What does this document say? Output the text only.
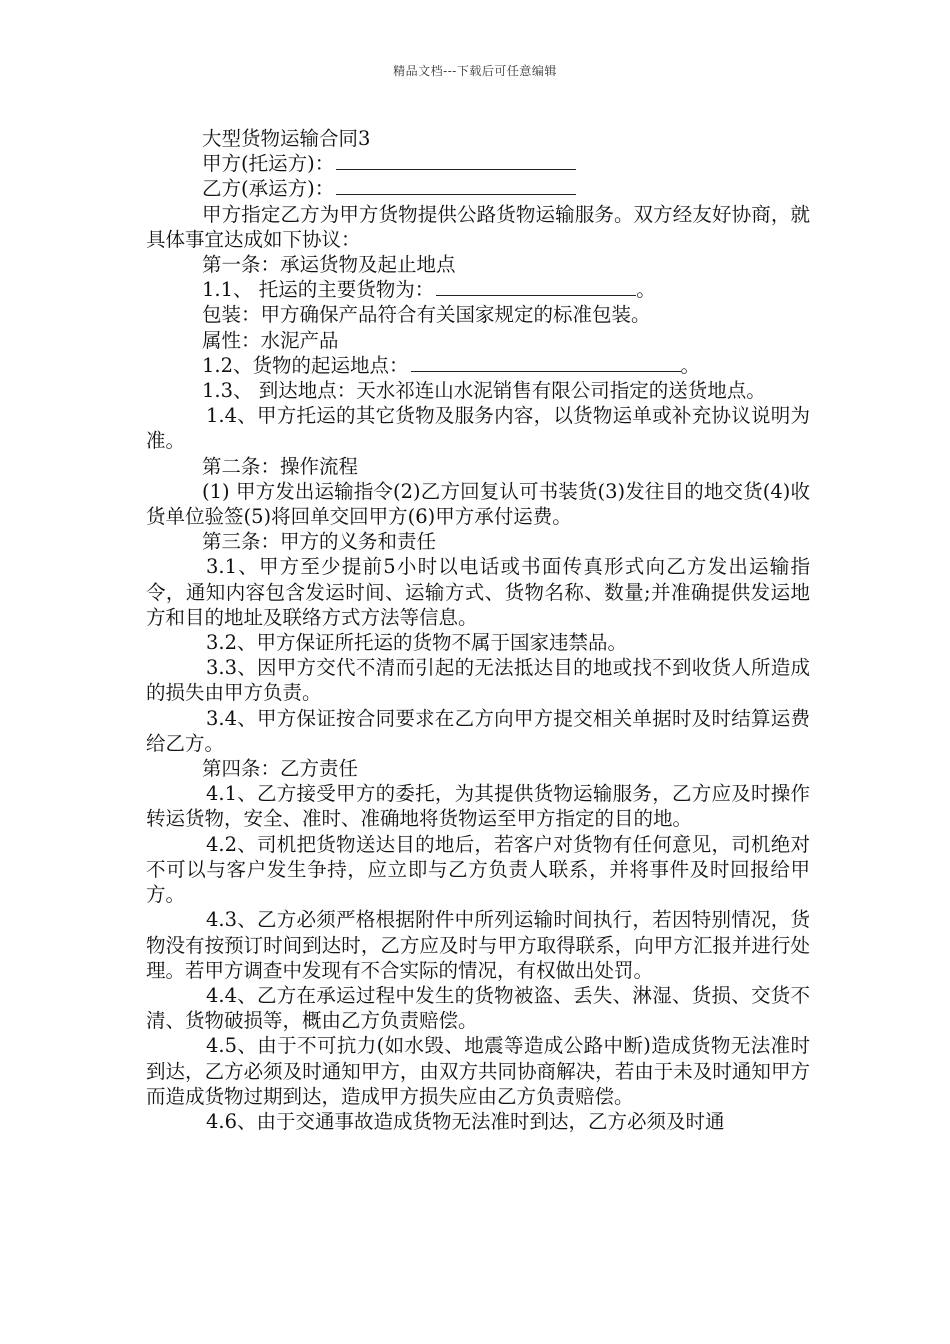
精品文档---下载后可任意编辑
大型货物运输合同3
甲方(托运方)：
乙方(承运方)：
甲方指定乙方为甲方货物提供公路货物运输服务。双方经友好协商，就具体事宜达成如下协议：
第一条：承运货物及起止地点
1.1、 托运的主要货物为：	。
包装：甲方确保产品符合有关国家规定的标准包装。
属性：水泥产品
1.2、货物的起运地点：	。
1.3、 到达地点：天水祁连山水泥销售有限公司指定的送货地点。
1.4、甲方托运的其它货物及服务内容，以货物运单或补充协议说明为准。
第二条：操作流程
(1) 甲方发出运输指令(2)乙方回复认可书装货(3)发往目的地交货(4)收货单位验签(5)将回单交回甲方(6)甲方承付运费。
第三条：甲方的义务和责任
3.1、甲方至少提前5小时以电话或书面传真形式向乙方发出运输指令，通知内容包含发运时间、运输方式、货物名称、数量;并准确提供发运地方和目的地址及联络方式方法等信息。
3.2、甲方保证所托运的货物不属于国家违禁品。
3.3、因甲方交代不清而引起的无法抵达目的地或找不到收货人所造成的损失由甲方负责。
3.4、甲方保证按合同要求在乙方向甲方提交相关单据时及时结算运费给乙方。
第四条：乙方责任
4.1、乙方接受甲方的委托，为其提供货物运输服务，乙方应及时操作转运货物，安全、准时、准确地将货物运至甲方指定的目的地。
4.2、司机把货物送达目的地后，若客户对货物有任何意见，司机绝对不可以与客户发生争持，应立即与乙方负责人联系，并将事件及时回报给甲方。
4.3、乙方必须严格根据附件中所列运输时间执行，若因特别情况，货物没有按预订时间到达时，乙方应及时与甲方取得联系，向甲方汇报并进行处理。若甲方调查中发现有不合实际的情况，有权做出处罚。
4.4、乙方在承运过程中发生的货物被盗、丢失、淋湿、货损、交货不清、货物破损等，概由乙方负责赔偿。
4.5、由于不可抗力(如水毁、地震等造成公路中断)造成货物无法准时到达，乙方必须及时通知甲方，由双方共同协商解决，若由于未及时通知甲方而造成货物过期到达，造成甲方损失应由乙方负责赔偿。
4.6、由于交通事故造成货物无法准时到达，乙方必须及时通
